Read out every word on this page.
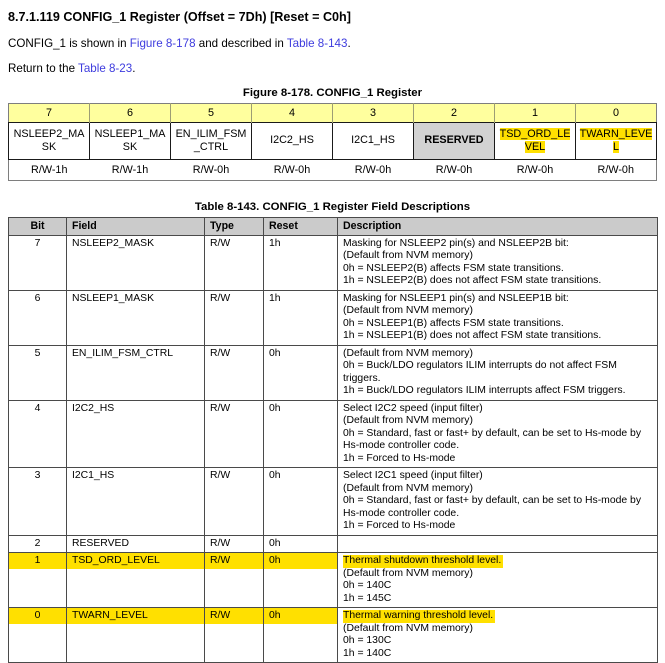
8.7.1.119 CONFIG_1 Register (Offset = 7Dh) [Reset = C0h]

CONFIG_1 is shown in Figure 8-178 and described in Table 8-143.

Return to the Table 8-23.

Figure 8-178. CONFIG_1 Register
7	6	5	4	3	2	1	0
NSLEEP2_MASK	NSLEEP1_MASK	EN_ILIM_FSM_CTRL	I2C2_HS	I2C1_HS	RESERVED	TSD_ORD_LEVEL	TWARN_LEVEL
R/W-1h	R/W-1h	R/W-0h	R/W-0h	R/W-0h	R/W-0h	R/W-0h	R/W-0h
Table 8-143. CONFIG_1 Register Field Descriptions
Bit	Field	Type	Reset	Description

7	NSLEEP2_MASK	R/W	1h	Masking for NSLEEP2 pin(s) and NSLEEP2B bit:
(Default from NVM memory)
0h = NSLEEP2(B) affects FSM state transitions.
1h = NSLEEP2(B) does not affect FSM state transitions.

6	NSLEEP1_MASK	R/W	1h	Masking for NSLEEP1 pin(s) and NSLEEP1B bit:
(Default from NVM memory)
0h = NSLEEP1(B) affects FSM state transitions.
1h = NSLEEP1(B) does not affect FSM state transitions.

5	EN_ILIM_FSM_CTRL	R/W	0h	(Default from NVM memory)
0h = Buck/LDO regulators ILIM interrupts do not affect FSM triggers.
1h = Buck/LDO regulators ILIM interrupts affect FSM triggers.

4	I2C2_HS	R/W	0h	Select I2C2 speed (input filter)
(Default from NVM memory)
0h = Standard, fast or fast+ by default, can be set to Hs-mode by Hs-mode controller code.
1h = Forced to Hs-mode

3	I2C1_HS	R/W	0h	Select I2C1 speed (input filter)
(Default from NVM memory)
0h = Standard, fast or fast+ by default, can be set to Hs-mode by Hs-mode controller code.
1h = Forced to Hs-mode

2	RESERVED	R/W	0h	

1	TSD_ORD_LEVEL	R/W	0h	Thermal shutdown threshold level.
(Default from NVM memory)
0h = 140C
1h = 145C

0	TWARN_LEVEL	R/W	0h	Thermal warning threshold level.
(Default from NVM memory)
0h = 130C
1h = 140C
